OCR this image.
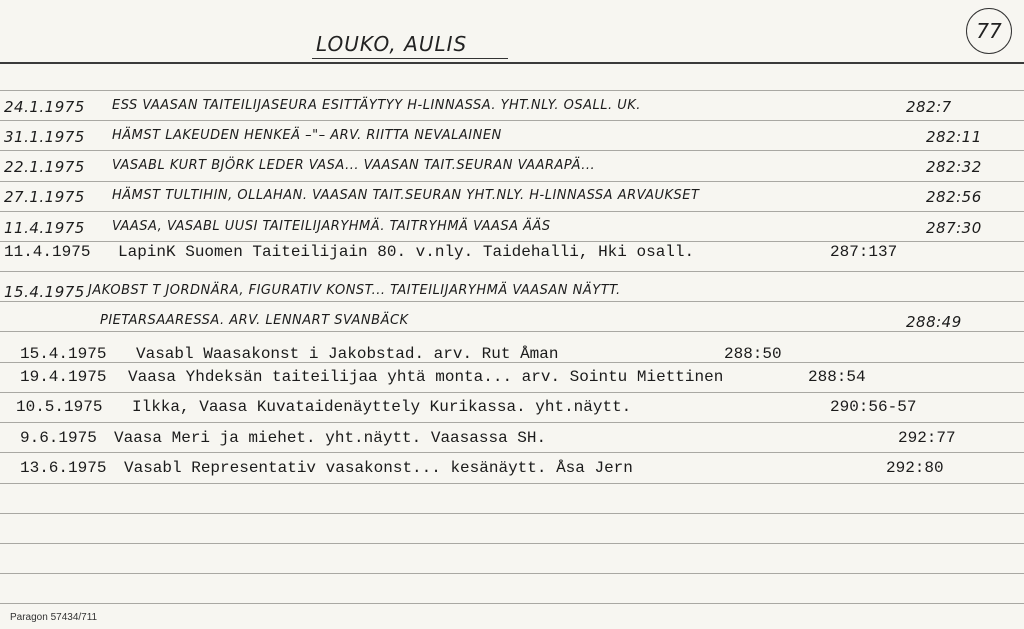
LOUKO, AULIS
77
24.1.1975 ESS VAASAN TAITEILIJASEURA ESITTÄYTYY H-LINNASSA. YHT.NLY. OSALL. UK.	282:7
31.1.1975 HÄMST LAKEUDEN HENKEÄ –"– ARV. RIITTA NEVALAINEN	282:11
22.1.1975 VASABL KURT BJÖRK LEDER VASA... VAASAN TAIT.SEURAN VAARAPÄ...	282:32
27.1.1975 HÄMST TULTIHIN, OLLAHAN. VAASAN TAIT.SEURAN YHT.NLY. H-LINNASSA ARVAUKSET	282:56
11.4.1975 VAASA, VASABL UUSI TAITEILIJARYHMÄ. TAITRYHMÄ VAASA ÄÄS	287:30
11.4.1975 LapinK Suomen Taiteilijain 80. v.nly. Taidehalli, Hki osall.	287:137
15.4.1975 JAKOBST T JORDNÄRA, FIGURATIV KONST... TAITEILIJARYHMÄ VAASAN NÄYTT.
PIETARSAARESSA. ARV. LENNART SVANBÄCK	288:49
15.4.1975 Vasabl Waasakonst i Jakobstad. arv. Rut Åman	288:50
19.4.1975 Vaasa Yhdeksän taiteilijaa yhtä monta... arv. Sointu Miettinen	288:54
10.5.1975 Ilkka, Vaasa Kuvataidenäyttely Kurikassa. yht.näytt.	290:56-57
9.6.1975 Vaasa Meri ja miehet. yht.näytt. Vaasassa SH.	292:77
13.6.1975 Vasabl Representativ vasakonst... kesänäytt. Åsa Jern	292:80
Paragon 57434/711
